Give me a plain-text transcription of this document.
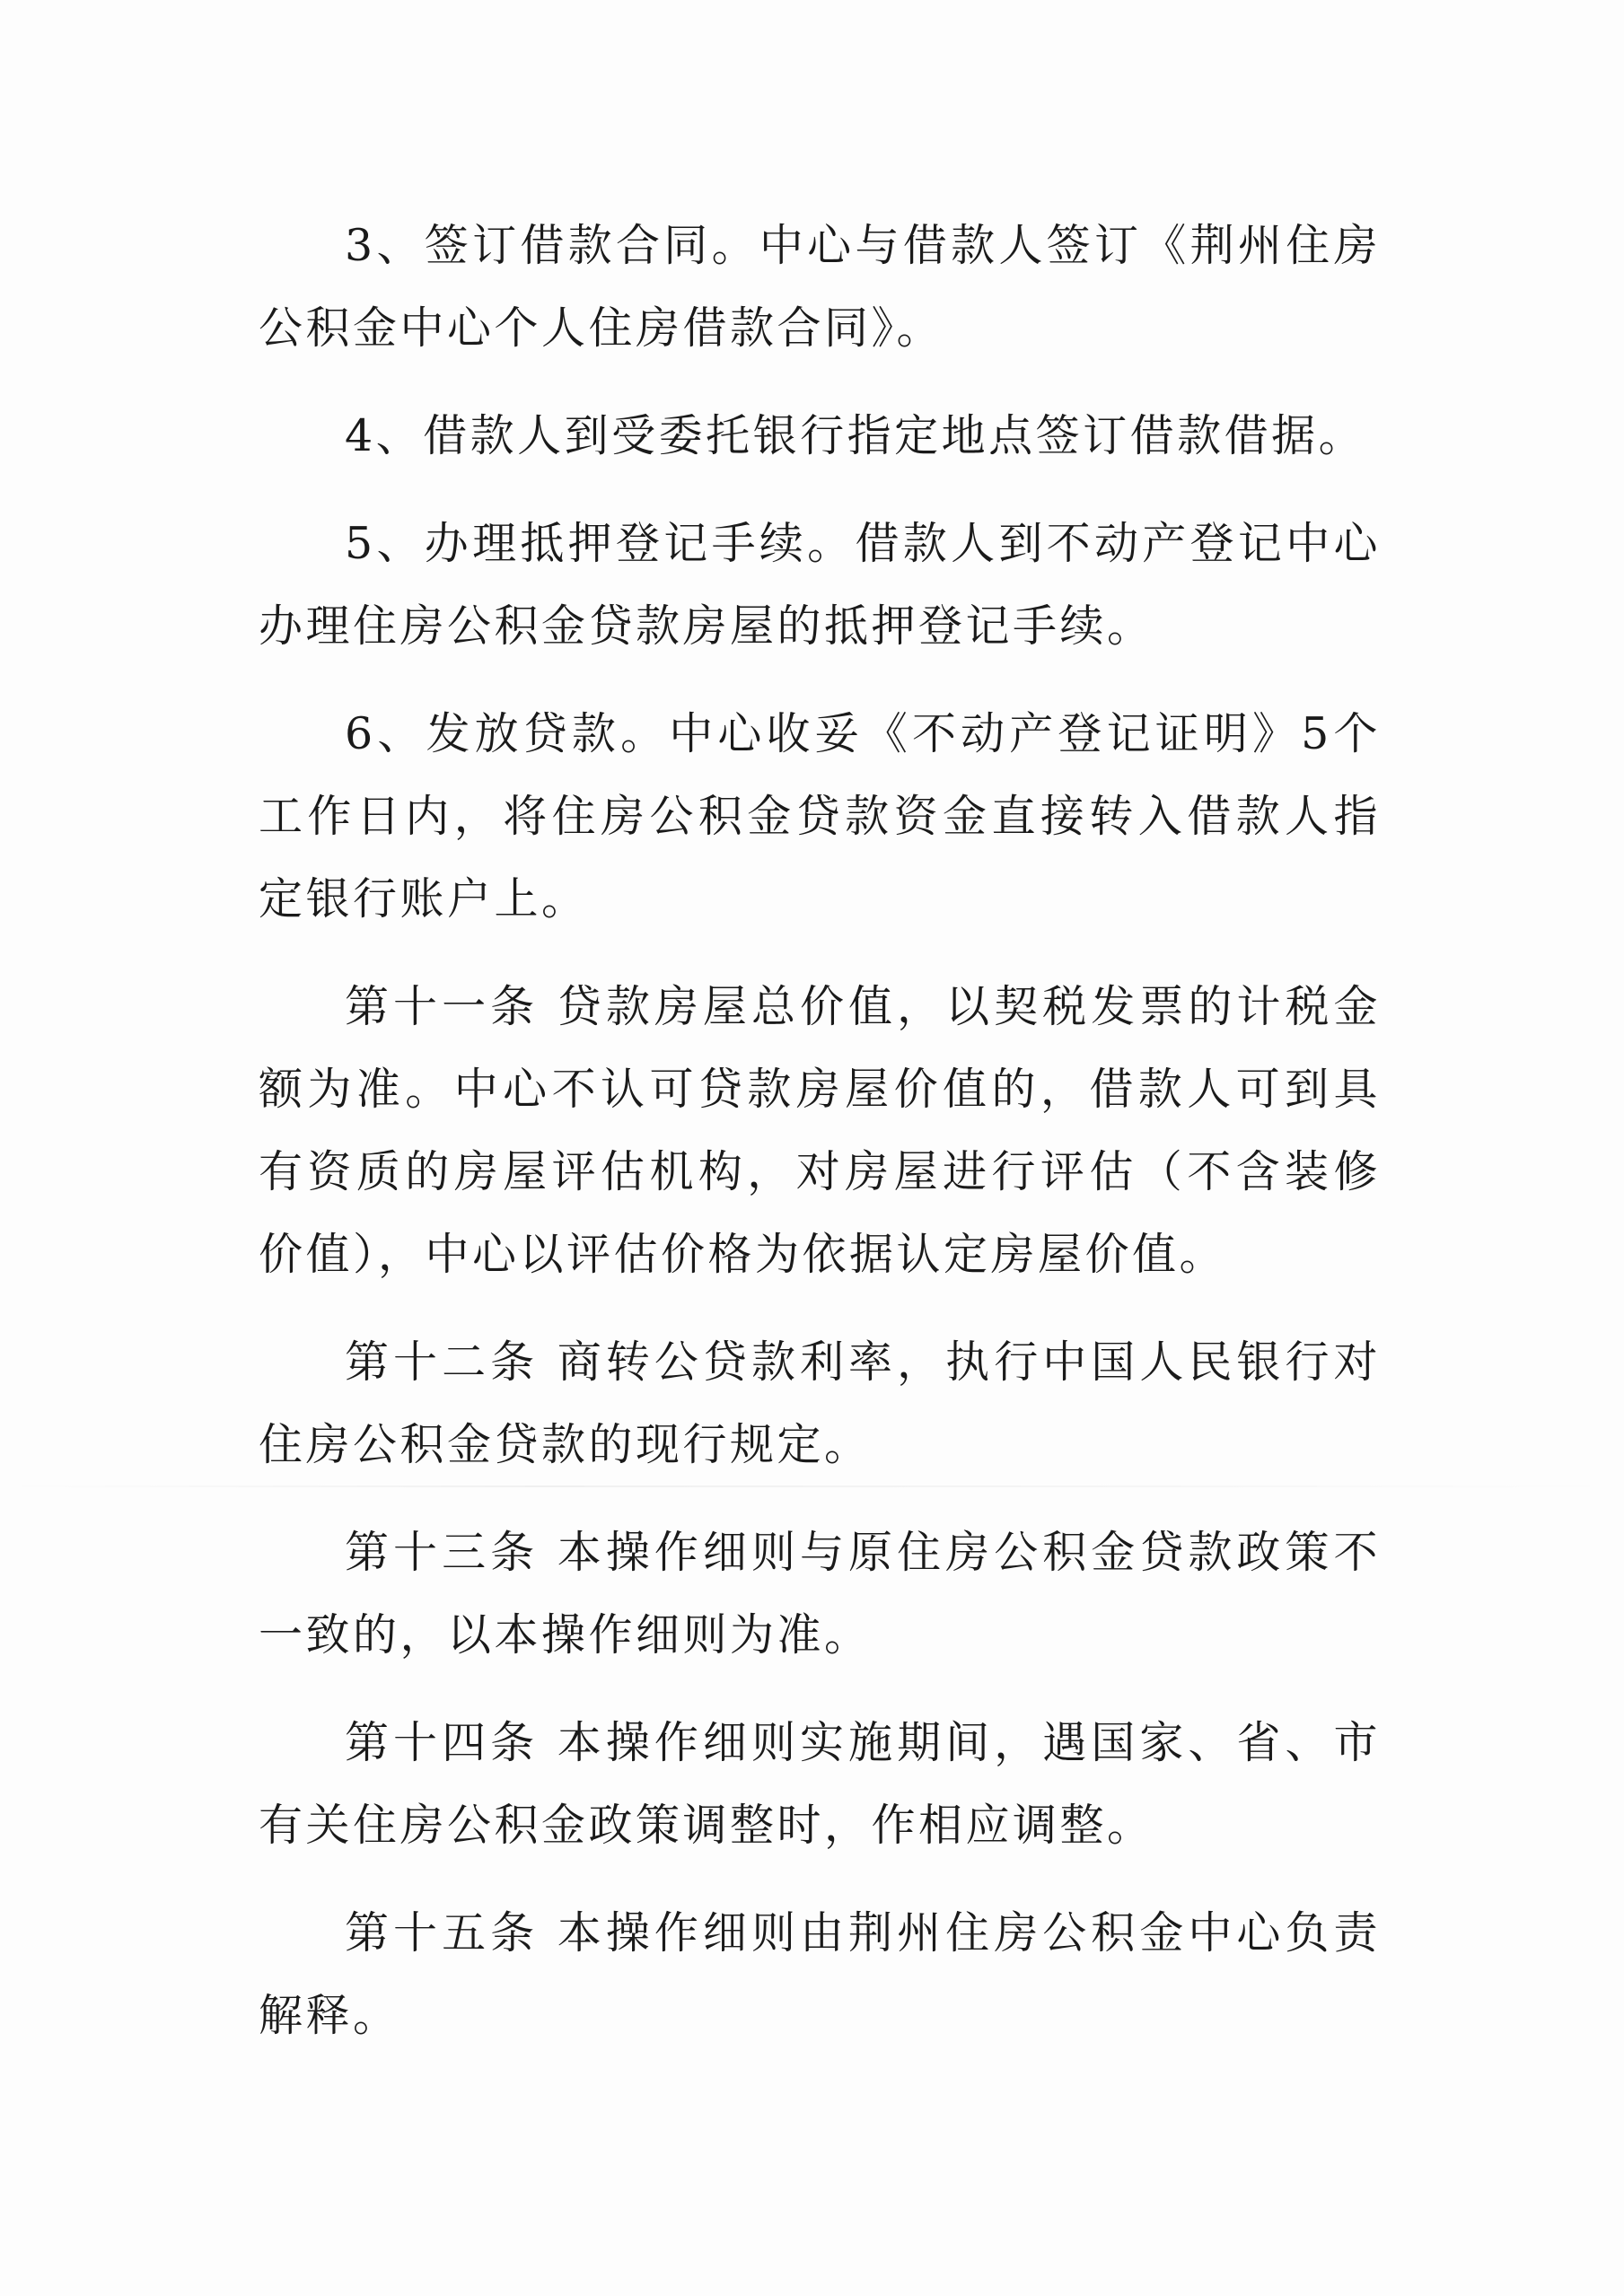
3、签订借款合同。中心与借款人签订《荆州住房公积金中心个人住房借款合同》。

4、借款人到受委托银行指定地点签订借款借据。

5、办理抵押登记手续。借款人到不动产登记中心办理住房公积金贷款房屋的抵押登记手续。

6、发放贷款。中心收妥《不动产登记证明》5个工作日内，将住房公积金贷款资金直接转入借款人指定银行账户上。

第十一条 贷款房屋总价值，以契税发票的计税金额为准。中心不认可贷款房屋价值的，借款人可到具有资质的房屋评估机构，对房屋进行评估（不含装修价值），中心以评估价格为依据认定房屋价值。

第十二条 商转公贷款利率，执行中国人民银行对住房公积金贷款的现行规定。

第十三条 本操作细则与原住房公积金贷款政策不一致的，以本操作细则为准。

第十四条 本操作细则实施期间，遇国家、省、市有关住房公积金政策调整时，作相应调整。

第十五条 本操作细则由荆州住房公积金中心负责解释。
